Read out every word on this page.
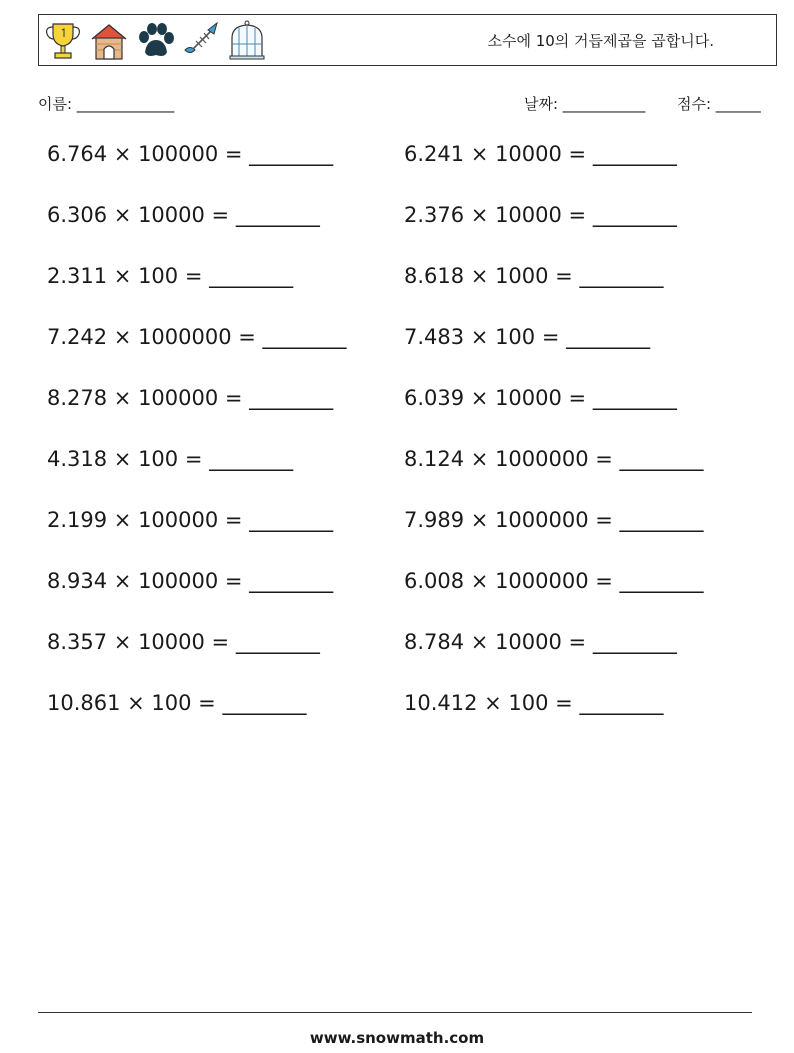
소수에 10의 거듭제곱을 곱합니다.
이름: _____________	날짜: ___________ 점수: ______
6.764 × 100000 = ________	6.241 × 10000 = ________
6.306 × 10000 = ________	2.376 × 10000 = ________
2.311 × 100 = ________	8.618 × 1000 = ________
7.242 × 1000000 = ________	7.483 × 100 = ________
8.278 × 100000 = ________	6.039 × 10000 = ________
4.318 × 100 = ________	8.124 × 1000000 = ________
2.199 × 100000 = ________	7.989 × 1000000 = ________
8.934 × 100000 = ________	6.008 × 1000000 = ________
8.357 × 10000 = ________	8.784 × 10000 = ________
10.861 × 100 = ________	10.412 × 100 = ________
www.snowmath.com
